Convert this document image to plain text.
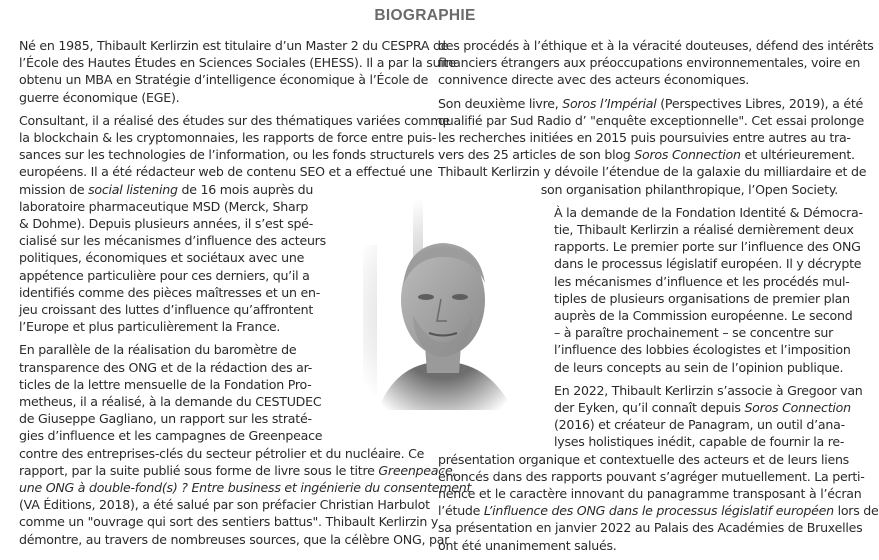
BIOGRAPHIE

Né en 1985, Thibault Kerlirzin est titulaire d’un Master 2 du CESPRA de
l’École des Hautes Études en Sciences Sociales (EHESS). Il a par la suite
obtenu un MBA en Stratégie d’intelligence économique à l’École de
guerre économique (EGE).

Consultant, il a réalisé des études sur des thématiques variées comme
la blockchain & les cryptomonnaies, les rapports de force entre puis-
sances sur les technologies de l’information, ou les fonds structurels
européens. Il a été rédacteur web de contenu SEO et a effectué une
mission de social listening de 16 mois auprès du
laboratoire pharmaceutique MSD (Merck, Sharp
& Dohme). Depuis plusieurs années, il s’est spé-
cialisé sur les mécanismes d’influence des acteurs
politiques, économiques et sociétaux avec une
appétence particulière pour ces derniers, qu’il a
identifiés comme des pièces maîtresses et un en-
jeu croissant des luttes d’influence qu’affrontent
l’Europe et plus particulièrement la France.

En parallèle de la réalisation du baromètre de
transparence des ONG et de la rédaction des ar-
ticles de la lettre mensuelle de la Fondation Pro-
metheus, il a réalisé, à la demande du CESTUDEC
de Giuseppe Gagliano, un rapport sur les straté-
gies d’influence et les campagnes de Greenpeace
contre des entreprises-clés du secteur pétrolier et du nucléaire. Ce
rapport, par la suite publié sous forme de livre sous le titre Greenpeace,
une ONG à double-fond(s) ? Entre business et ingénierie du consentement
(VA Éditions, 2018), a été salué par son préfacier Christian Harbulot
comme un "ouvrage qui sort des sentiers battus". Thibault Kerlirzin y
démontre, au travers de nombreuses sources, que la célèbre ONG, par

des procédés à l’éthique et à la véracité douteuses, défend des intérêts
financiers étrangers aux préoccupations environnementales, voire en
connivence directe avec des acteurs économiques.

Son deuxième livre, Soros l’Impérial (Perspectives Libres, 2019), a été
qualifié par Sud Radio d’ "enquête exceptionnelle". Cet essai prolonge
les recherches initiées en 2015 puis poursuivies entre autres au tra-
vers des 25 articles de son blog Soros Connection et ultérieurement.
Thibault Kerlirzin y dévoile l’étendue de la galaxie du milliardaire et de
son organisation philanthropique, l’Open Society.

À la demande de la Fondation Identité & Démocra-
tie, Thibault Kerlirzin a réalisé dernièrement deux
rapports. Le premier porte sur l’influence des ONG
dans le processus législatif européen. Il y décrypte
les mécanismes d’influence et les procédés mul-
tiples de plusieurs organisations de premier plan
auprès de la Commission européenne. Le second
– à paraître prochainement – se concentre sur
l’influence des lobbies écologistes et l’imposition
de leurs concepts au sein de l’opinion publique.

En 2022, Thibault Kerlirzin s’associe à Gregoor van
der Eyken, qu’il connaît depuis Soros Connection
(2016) et créateur de Panagram, un outil d’ana-
lyses holistiques inédit, capable de fournir la re-
présentation organique et contextuelle des acteurs et de leurs liens
énoncés dans des rapports pouvant s’agréger mutuellement. La perti-
nence et le caractère innovant du panagramme transposant à l’écran
l’étude L’influence des ONG dans le processus législatif européen lors de
sa présentation en janvier 2022 au Palais des Académies de Bruxelles
ont été unanimement salués.
